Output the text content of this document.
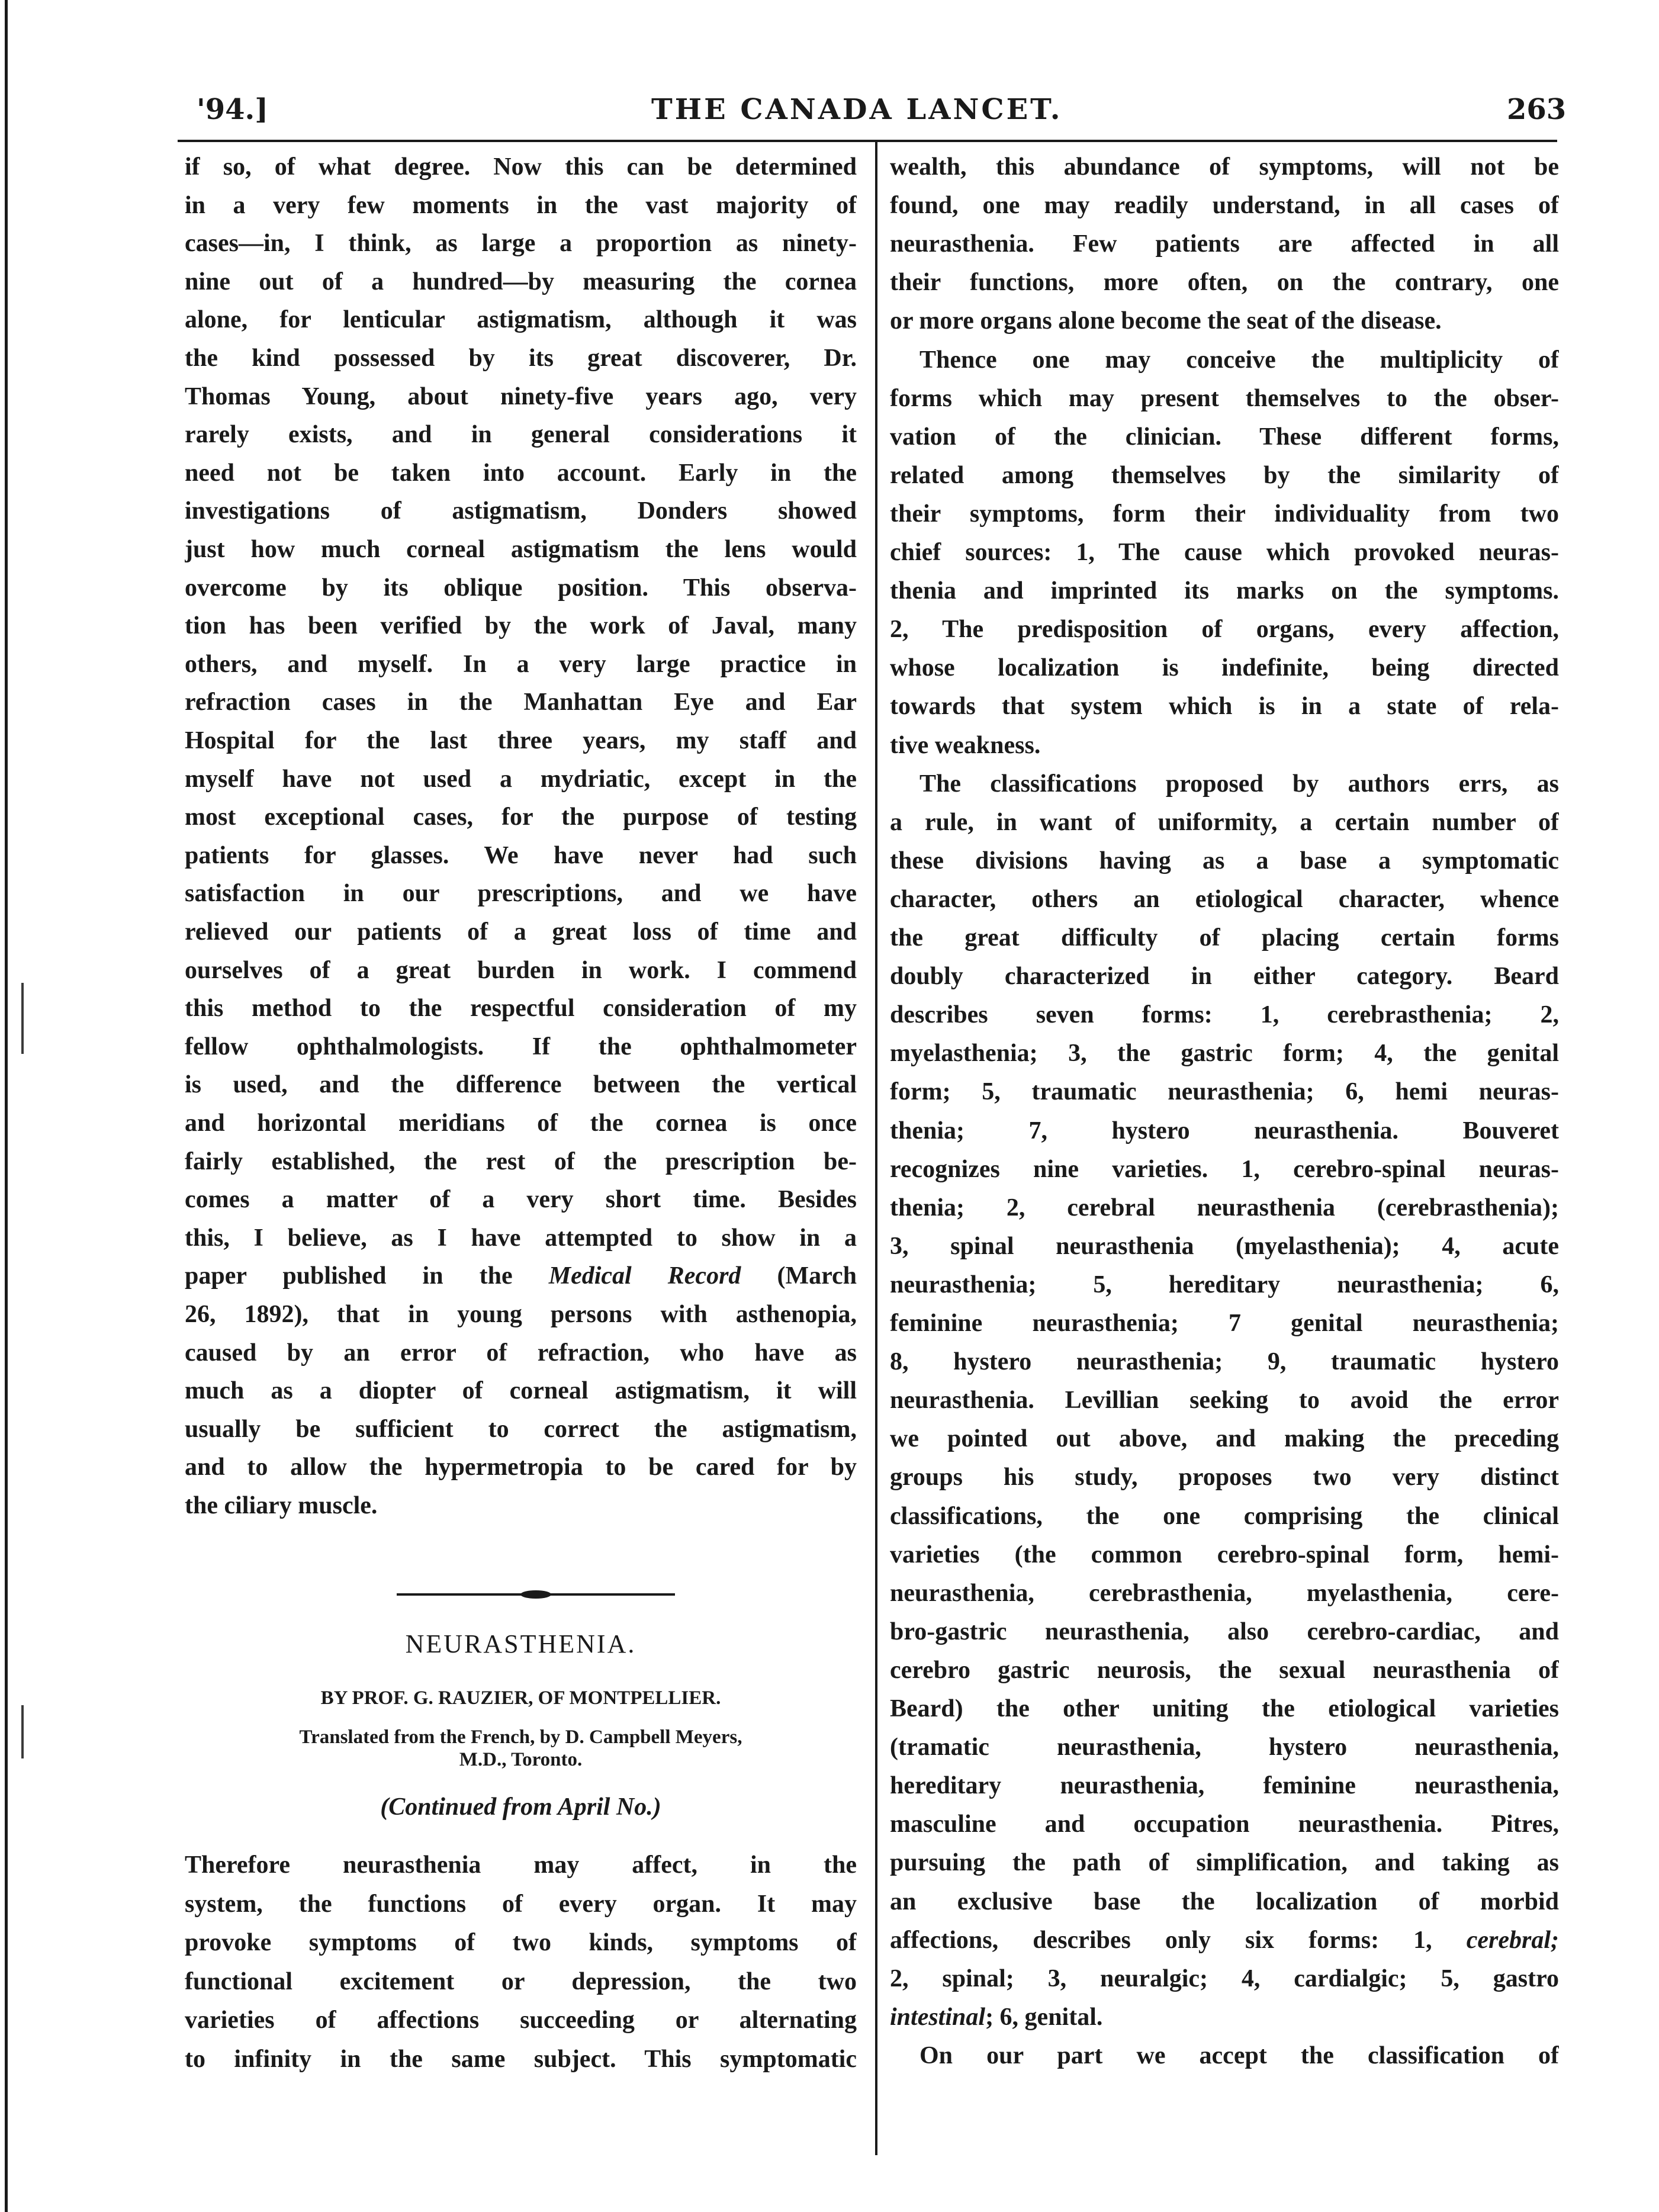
'94.]	THE CANADA LANCET.	263
if so, of what degree. Now this can be determined
in a very few moments in the vast majority of
cases—in, I think, as large a proportion as ninety-
nine out of a hundred—by measuring the cornea
alone, for lenticular astigmatism, although it was
the kind possessed by its great discoverer, Dr.
Thomas Young, about ninety-five years ago, very
rarely exists, and in general considerations it
need not be taken into account. Early in the
investigations of astigmatism, Donders showed
just how much corneal astigmatism the lens would
overcome by its oblique position. This observa-
tion has been verified by the work of Javal, many
others, and myself. In a very large practice in
refraction cases in the Manhattan Eye and Ear
Hospital for the last three years, my staff and
myself have not used a mydriatic, except in the
most exceptional cases, for the purpose of testing
patients for glasses. We have never had such
satisfaction in our prescriptions, and we have
relieved our patients of a great loss of time and
ourselves of a great burden in work. I commend
this method to the respectful consideration of my
fellow ophthalmologists. If the ophthalmometer
is used, and the difference between the vertical
and horizontal meridians of the cornea is once
fairly established, the rest of the prescription be-
comes a matter of a very short time. Besides
this, I believe, as I have attempted to show in a
paper published in the Medical Record (March
26, 1892), that in young persons with asthenopia,
caused by an error of refraction, who have as
much as a diopter of corneal astigmatism, it will
usually be sufficient to correct the astigmatism,
and to allow the hypermetropia to be cared for by
the ciliary muscle.
NEURASTHENIA.
BY PROF. G. RAUZIER, OF MONTPELLIER.
Translated from the French, by D. Campbell Meyers,
M.D., Toronto.
(Continued from April No.)
Therefore neurasthenia may affect, in the
system, the functions of every organ. It may
provoke symptoms of two kinds, symptoms of
functional excitement or depression, the two
varieties of affections succeeding or alternating
to infinity in the same subject. This symptomatic
wealth, this abundance of symptoms, will not be
found, one may readily understand, in all cases of
neurasthenia. Few patients are affected in all
their functions, more often, on the contrary, one
or more organs alone become the seat of the disease.
Thence one may conceive the multiplicity of
forms which may present themselves to the obser-
vation of the clinician. These different forms,
related among themselves by the similarity of
their symptoms, form their individuality from two
chief sources: 1, The cause which provoked neuras-
thenia and imprinted its marks on the symptoms.
2, The predisposition of organs, every affection,
whose localization is indefinite, being directed
towards that system which is in a state of rela-
tive weakness.
The classifications proposed by authors errs, as
a rule, in want of uniformity, a certain number of
these divisions having as a base a symptomatic
character, others an etiological character, whence
the great difficulty of placing certain forms
doubly characterized in either category. Beard
describes seven forms: 1, cerebrasthenia; 2,
myelasthenia; 3, the gastric form; 4, the genital
form; 5, traumatic neurasthenia; 6, hemi neuras-
thenia; 7, hystero neurasthenia. Bouveret
recognizes nine varieties. 1, cerebro-spinal neuras-
thenia; 2, cerebral neurasthenia (cerebrasthenia);
3, spinal neurasthenia (myelasthenia); 4, acute
neurasthenia; 5, hereditary neurasthenia; 6,
feminine neurasthenia; 7 genital neurasthenia;
8, hystero neurasthenia; 9, traumatic hystero
neurasthenia. Levillian seeking to avoid the error
we pointed out above, and making the preceding
groups his study, proposes two very distinct
classifications, the one comprising the clinical
varieties (the common cerebro-spinal form, hemi-
neurasthenia, cerebrasthenia, myelasthenia, cere-
bro-gastric neurasthenia, also cerebro-cardiac, and
cerebro gastric neurosis, the sexual neurasthenia of
Beard) the other uniting the etiological varieties
(tramatic neurasthenia, hystero neurasthenia,
hereditary neurasthenia, feminine neurasthenia,
masculine and occupation neurasthenia. Pitres,
pursuing the path of simplification, and taking as
an exclusive base the localization of morbid
affections, describes only six forms: 1, cerebral;
2, spinal; 3, neuralgic; 4, cardialgic; 5, gastro
intestinal; 6, genital.
On our part we accept the classification of
